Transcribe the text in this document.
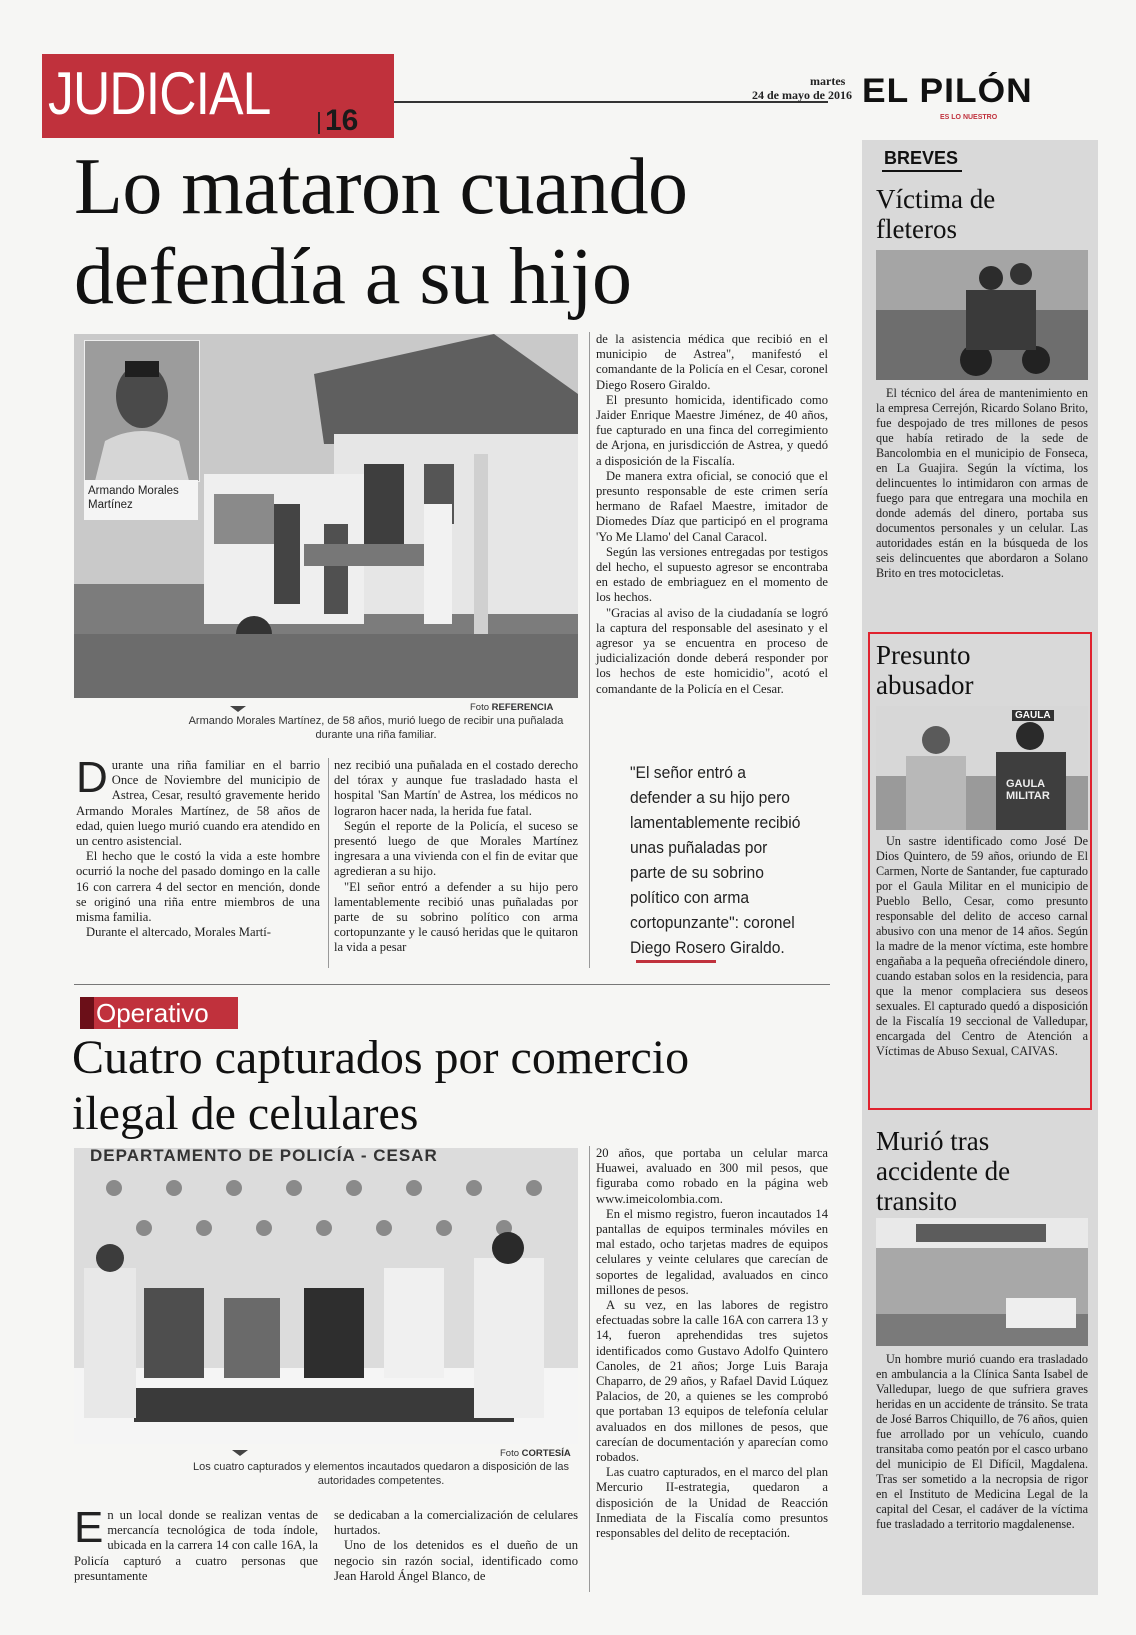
JUDICIAL 16
martes
24 de mayo de 2016 EL PILÓN
ES LO NUESTRO
Lo mataron cuando
defendía a su hijo
Armando Morales
Martínez
Foto REFERENCIA
Armando Morales Martínez, de 58 años, murió luego de recibir una puñalada durante una riña familiar.
D urante una riña familiar en el barrio Once de Noviembre del municipio de Astrea, Cesar, resultó gravemente herido Armando Morales Martínez, de 58 años de edad, quien luego murió cuando era atendido en un centro asistencial.

El hecho que le costó la vida a este hombre ocurrió la noche del pasado domingo en la calle 16 con carrera 4 del sector en mención, donde se originó una riña entre miembros de una misma familia.

Durante el altercado, Morales Martí-

nez recibió una puñalada en el costado derecho del tórax y aunque fue trasladado hasta el hospital 'San Martín' de Astrea, los médicos no lograron hacer nada, la herida fue fatal.

Según el reporte de la Policía, el suceso se presentó luego de que Morales Martínez ingresara a una vivienda con el fin de evitar que agredieran a su hijo.

"El señor entró a defender a su hijo pero lamentablemente recibió unas puñaladas por parte de su sobrino político con arma cortopunzante y le causó heridas que le quitaron la vida a pesar

de la asistencia médica que recibió en el municipio de Astrea", manifestó el comandante de la Policía en el Cesar, coronel Diego Rosero Giraldo.

El presunto homicida, identificado como Jaider Enrique Maestre Jiménez, de 40 años, fue capturado en una finca del corregimiento de Arjona, en jurisdicción de Astrea, y quedó a disposición de la Fiscalía.

De manera extra oficial, se conoció que el presunto responsable de este crimen sería hermano de Rafael Maestre, imitador de Diomedes Díaz que participó en el programa 'Yo Me Llamo' del Canal Caracol.

Según las versiones entregadas por testigos del hecho, el supuesto agresor se encontraba en estado de embriaguez en el momento de los hechos.

"Gracias al aviso de la ciudadanía se logró la captura del responsable del asesinato y el agresor ya se encuentra en proceso de judicialización donde deberá responder por los hechos de este homicidio", acotó el comandante de la Policía en el Cesar.

"El señor entró a defender a su hijo pero lamentablemente recibió unas puñaladas por parte de su sobrino político con arma cortopunzante": coronel Diego Rosero Giraldo.
Operativo
Cuatro capturados por comercio
ilegal de celulares
DEPARTAMENTO DE POLICÍA - CESAR
Foto CORTESÍA
Los cuatro capturados y elementos incautados quedaron a disposición de las autoridades competentes.
E n un local donde se realizan ventas de mercancía tecnológica de toda índole, ubicada en la carrera 14 con calle 16A, la Policía capturó a cuatro personas que presuntamente

se dedicaban a la comercialización de celulares hurtados.

Uno de los detenidos es el dueño de un negocio sin razón social, identificado como Jean Harold Ángel Blanco, de

20 años, que portaba un celular marca Huawei, avaluado en 300 mil pesos, que figuraba como robado en la página web www.imeicolombia.com.

En el mismo registro, fueron incautados 14 pantallas de equipos terminales móviles en mal estado, ocho tarjetas madres de equipos celulares y veinte celulares que carecían de soportes de legalidad, avaluados en cinco millones de pesos.

A su vez, en las labores de registro efectuadas sobre la calle 16A con carrera 13 y 14, fueron aprehendidas tres sujetos identificados como Gustavo Adolfo Quintero Canoles, de 21 años; Jorge Luis Baraja Chaparro, de 29 años, y Rafael David Lúquez Palacios, de 20, a quienes se les comprobó que portaban 13 equipos de telefonía celular avaluados en dos millones de pesos, que carecían de documentación y aparecían como robados.

Las cuatro capturados, en el marco del plan Mercurio II-estrategia, quedaron a disposición de la Unidad de Reacción Inmediata de la Fiscalía como presuntos responsables del delito de receptación.

BREVES
Víctima de
fleteros

El técnico del área de mantenimiento en la empresa Cerrejón, Ricardo Solano Brito, fue despojado de tres millones de pesos que había retirado de la sede de Bancolombia en el municipio de Fonseca, en La Guajira. Según la víctima, los delincuentes lo intimidaron con armas de fuego para que entregara una mochila en donde además del dinero, portaba sus documentos personales y un celular. Las autoridades están en la búsqueda de los seis delincuentes que abordaron a Solano Brito en tres motocicletas.

Presunto
abusador
GAULA
GAULA
MILITAR

Un sastre identificado como José De Dios Quintero, de 59 años, oriundo de El Carmen, Norte de Santander, fue capturado por el Gaula Militar en el municipio de Pueblo Bello, Cesar, como presunto responsable del delito de acceso carnal abusivo con una menor de 14 años. Según la madre de la menor víctima, este hombre engañaba a la pequeña ofreciéndole dinero, cuando estaban solos en la residencia, para que la menor complaciera sus deseos sexuales. El capturado quedó a disposición de la Fiscalía 19 seccional de Valledupar, encargada del Centro de Atención a Víctimas de Abuso Sexual, CAIVAS.

Murió tras
accidente de
transito

Un hombre murió cuando era trasladado en ambulancia a la Clínica Santa Isabel de Valledupar, luego de que sufriera graves heridas en un accidente de tránsito. Se trata de José Barros Chiquillo, de 76 años, quien fue arrollado por un vehículo, cuando transitaba como peatón por el casco urbano del municipio de El Difícil, Magdalena. Tras ser sometido a la necropsia de rigor en el Instituto de Medicina Legal de la capital del Cesar, el cadáver de la víctima fue trasladado a territorio magdalenense.
